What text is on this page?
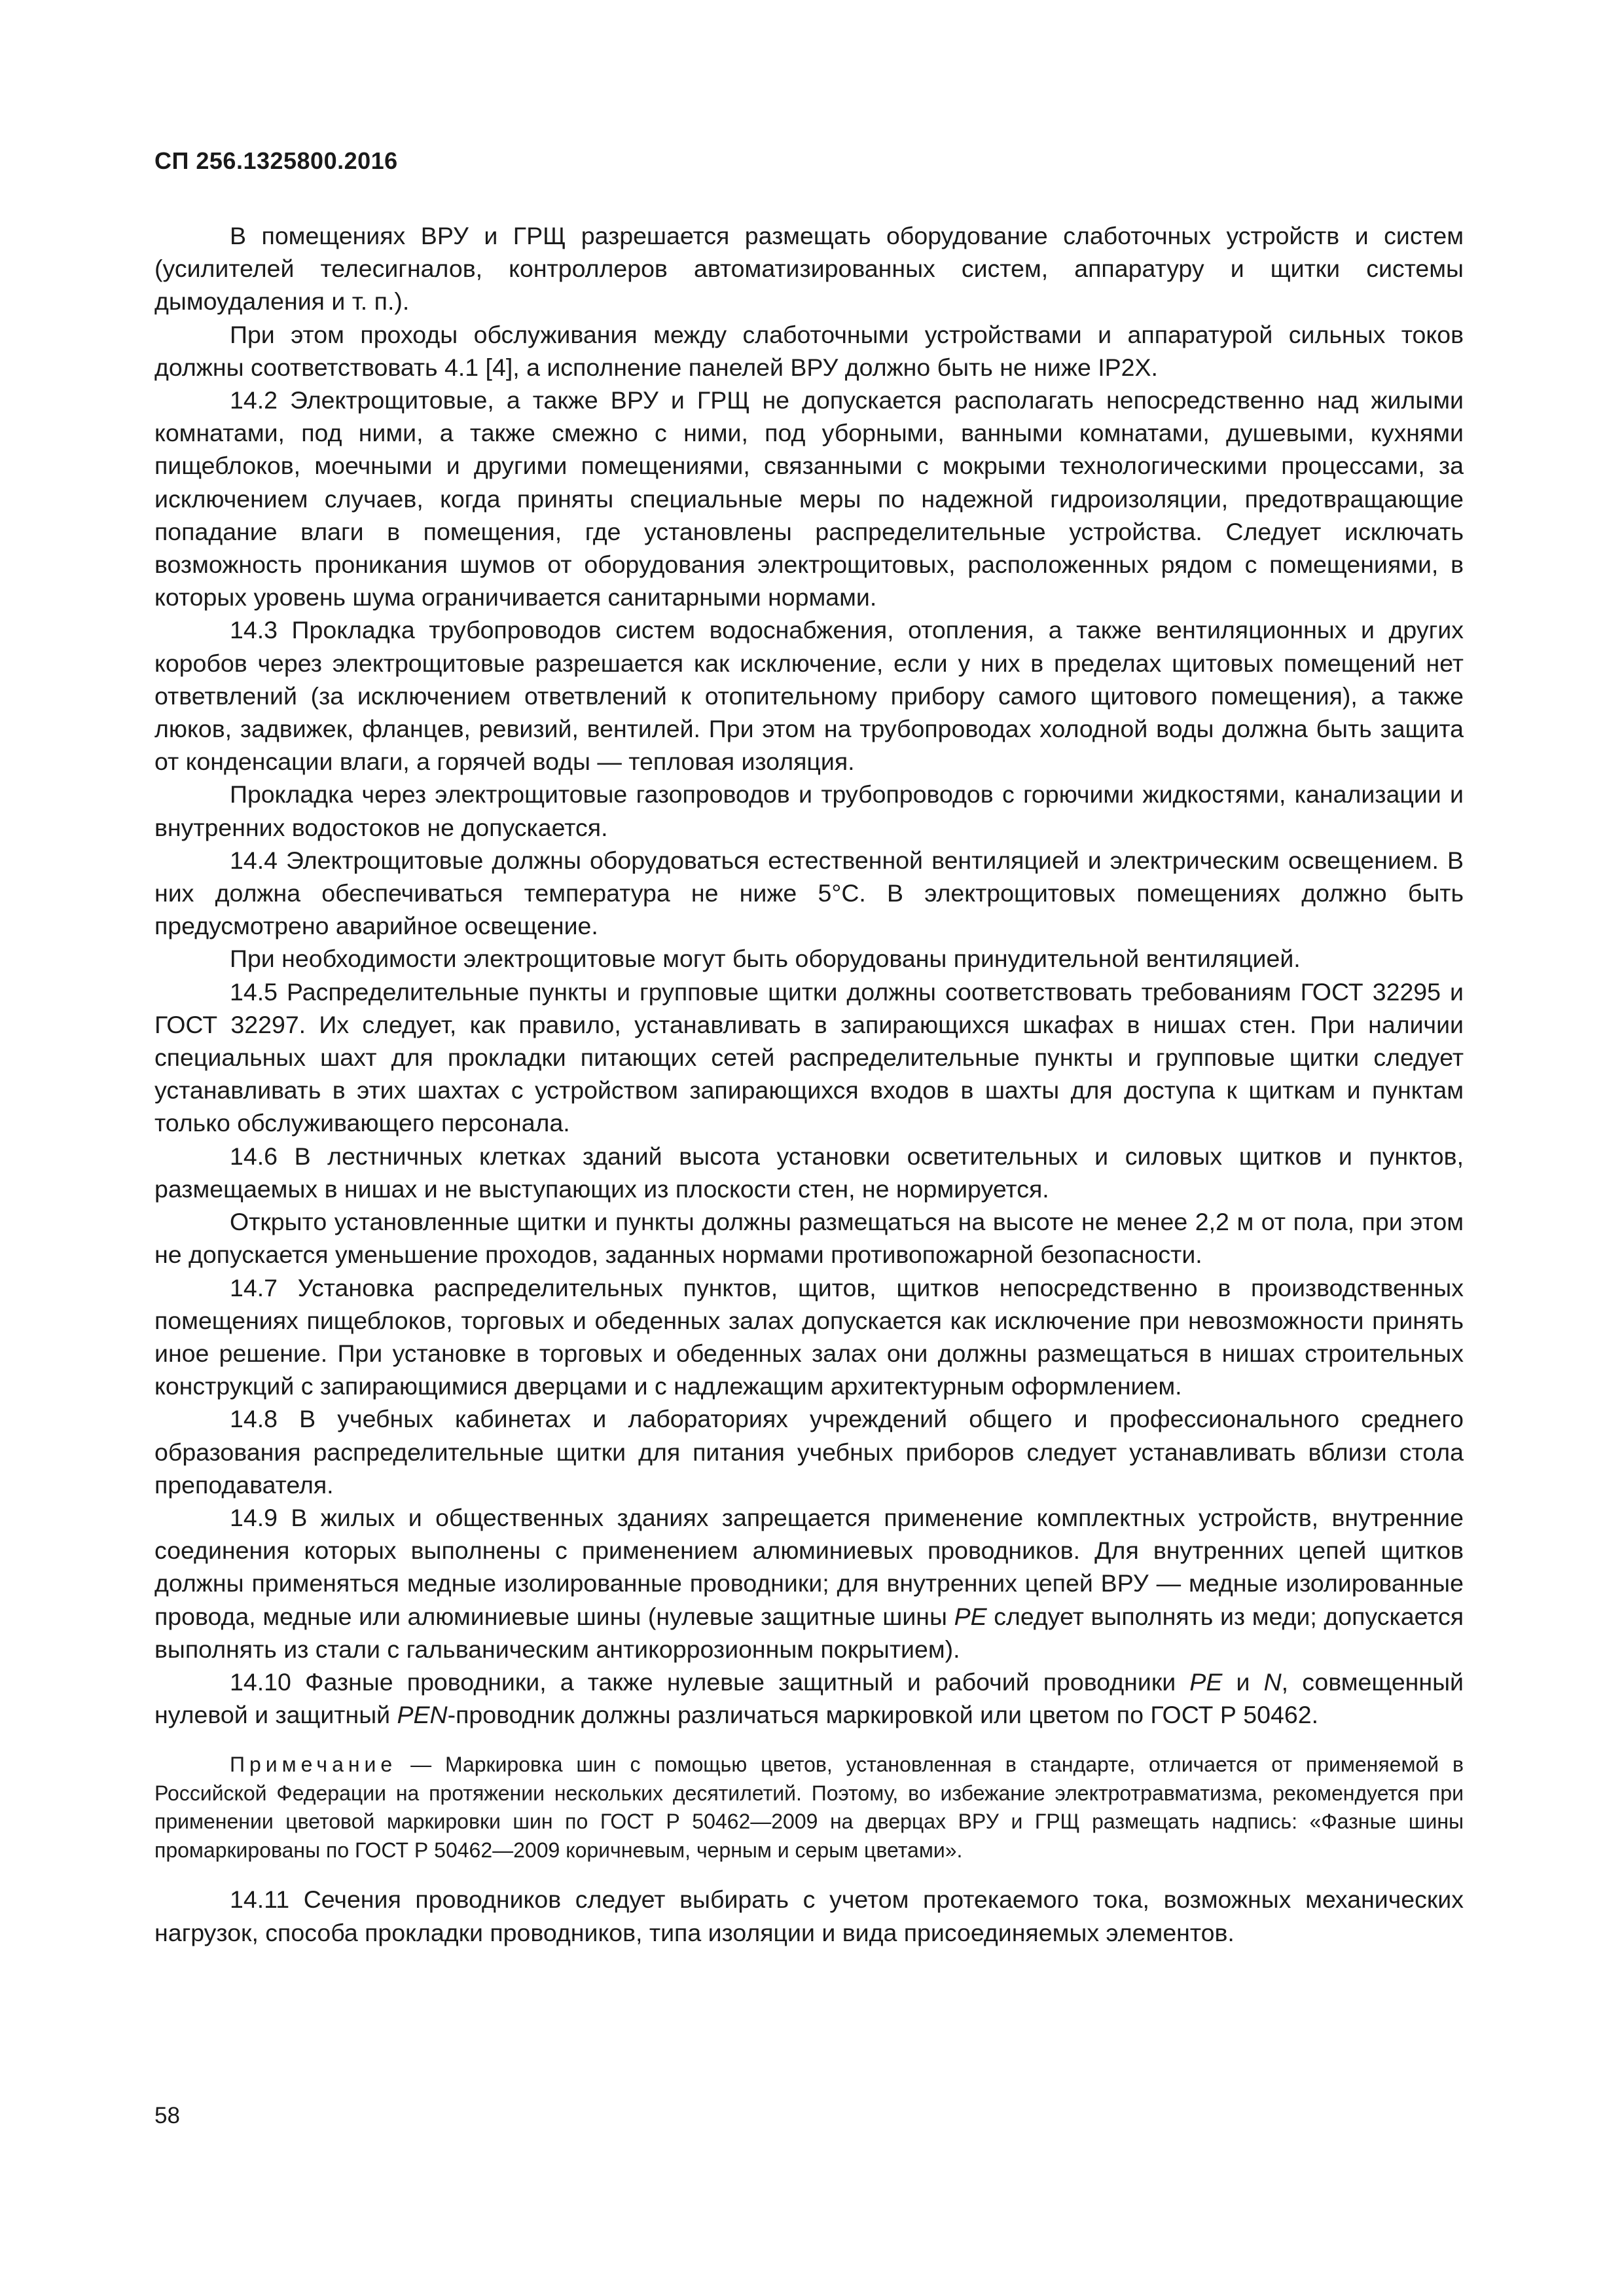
СП 256.1325800.2016

В помещениях ВРУ и ГРЩ разрешается размещать оборудование слаботочных устройств и систем (усилителей телесигналов, контроллеров автоматизированных систем, аппаратуру и щитки системы дымоудаления и т. п.).

При этом проходы обслуживания между слаботочными устройствами и аппаратурой сильных токов должны соответствовать 4.1 [4], а исполнение панелей ВРУ должно быть не ниже IP2X.

14.2 Электрощитовые, а также ВРУ и ГРЩ не допускается располагать непосредственно над жилыми комнатами, под ними, а также смежно с ними, под уборными, ванными комнатами, душевыми, кухнями пищеблоков, моечными и другими помещениями, связанными с мокрыми технологическими процессами, за исключением случаев, когда приняты специальные меры по надежной гидроизоляции, предотвращающие попадание влаги в помещения, где установлены распределительные устройства. Следует исключать возможность проникания шумов от оборудования электрощитовых, расположенных рядом с помещениями, в которых уровень шума ограничивается санитарными нормами.

14.3 Прокладка трубопроводов систем водоснабжения, отопления, а также вентиляционных и других коробов через электрощитовые разрешается как исключение, если у них в пределах щитовых помещений нет ответвлений (за исключением ответвлений к отопительному прибору самого щитового помещения), а также люков, задвижек, фланцев, ревизий, вентилей. При этом на трубопроводах холодной воды должна быть защита от конденсации влаги, а горячей воды — тепловая изоляция.

Прокладка через электрощитовые газопроводов и трубопроводов с горючими жидкостями, канализации и внутренних водостоков не допускается.

14.4 Электрощитовые должны оборудоваться естественной вентиляцией и электрическим освещением. В них должна обеспечиваться температура не ниже 5°C. В электрощитовых помещениях должно быть предусмотрено аварийное освещение.

При необходимости электрощитовые могут быть оборудованы принудительной вентиляцией.

14.5 Распределительные пункты и групповые щитки должны соответствовать требованиям ГОСТ 32295 и ГОСТ 32297. Их следует, как правило, устанавливать в запирающихся шкафах в нишах стен. При наличии специальных шахт для прокладки питающих сетей распределительные пункты и групповые щитки следует устанавливать в этих шахтах с устройством запирающихся входов в шахты для доступа к щиткам и пунктам только обслуживающего персонала.

14.6 В лестничных клетках зданий высота установки осветительных и силовых щитков и пунктов, размещаемых в нишах и не выступающих из плоскости стен, не нормируется.

Открыто установленные щитки и пункты должны размещаться на высоте не менее 2,2 м от пола, при этом не допускается уменьшение проходов, заданных нормами противопожарной безопасности.

14.7 Установка распределительных пунктов, щитов, щитков непосредственно в производственных помещениях пищеблоков, торговых и обеденных залах допускается как исключение при невозможности принять иное решение. При установке в торговых и обеденных залах они должны размещаться в нишах строительных конструкций с запирающимися дверцами и с надлежащим архитектурным оформлением.

14.8 В учебных кабинетах и лабораториях учреждений общего и профессионального среднего образования распределительные щитки для питания учебных приборов следует устанавливать вблизи стола преподавателя.

14.9 В жилых и общественных зданиях запрещается применение комплектных устройств, внутренние соединения которых выполнены с применением алюминиевых проводников. Для внутренних цепей щитков должны применяться медные изолированные проводники; для внутренних цепей ВРУ — медные изолированные провода, медные или алюминиевые шины (нулевые защитные шины PE следует выполнять из меди; допускается выполнять из стали с гальваническим антикоррозионным покрытием).

14.10 Фазные проводники, а также нулевые защитный и рабочий проводники PE и N, совмещенный нулевой и защитный PEN-проводник должны различаться маркировкой или цветом по ГОСТ Р 50462.

Примечание — Маркировка шин с помощью цветов, установленная в стандарте, отличается от применяемой в Российской Федерации на протяжении нескольких десятилетий. Поэтому, во избежание электротравматизма, рекомендуется при применении цветовой маркировки шин по ГОСТ Р 50462—2009 на дверцах ВРУ и ГРЩ размещать надпись: «Фазные шины промаркированы по ГОСТ Р 50462—2009 коричневым, черным и серым цветами».

14.11 Сечения проводников следует выбирать с учетом протекаемого тока, возможных механических нагрузок, способа прокладки проводников, типа изоляции и вида присоединяемых элементов.

58
